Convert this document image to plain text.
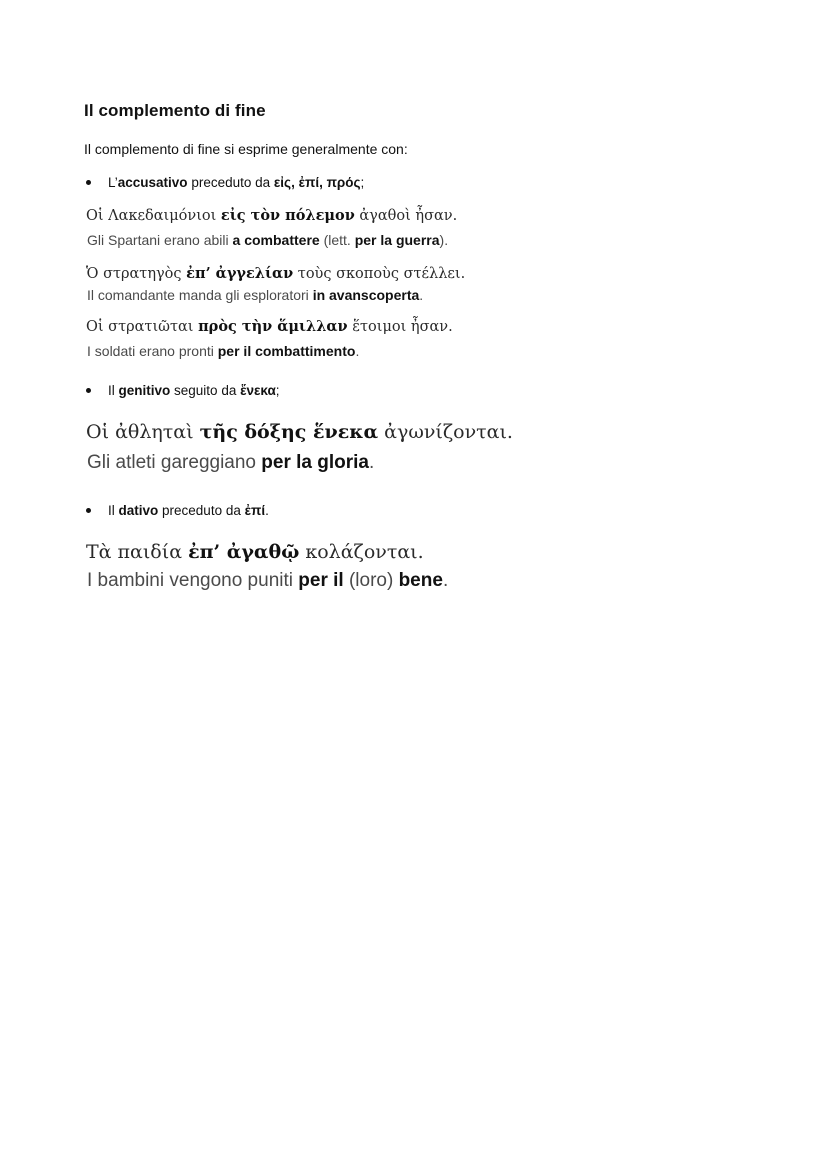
Il complemento di fine
Il complemento di fine si esprime generalmente con:
L’accusativo preceduto da εἰς, ἐπί, πρός;
Οἱ Λακεδαιμόνιοι εἰς τὸν πόλεμον ἀγαθοὶ ἦσαν.
Gli Spartani erano abili a combattere (lett. per la guerra).
Ὁ στρατηγὸς ἐπ’ ἀγγελίαν τοὺς σκοποὺς στέλλει.
Il comandante manda gli esploratori in avanscoperta.
Οἱ στρατιῶται πρὸς τὴν ἅμιλλαν ἕτοιμοι ἦσαν.
I soldati erano pronti per il combattimento.
Il genitivo seguito da ἕνεκα;
Οἱ ἀθληταὶ τῆς δόξης ἕνεκα ἀγωνίζονται.
Gli atleti gareggiano per la gloria.
Il dativo preceduto da ἐπί.
Τὰ παιδία ἐπ’ ἀγαθῷ κολάζονται.
I bambini vengono puniti per il (loro) bene.
